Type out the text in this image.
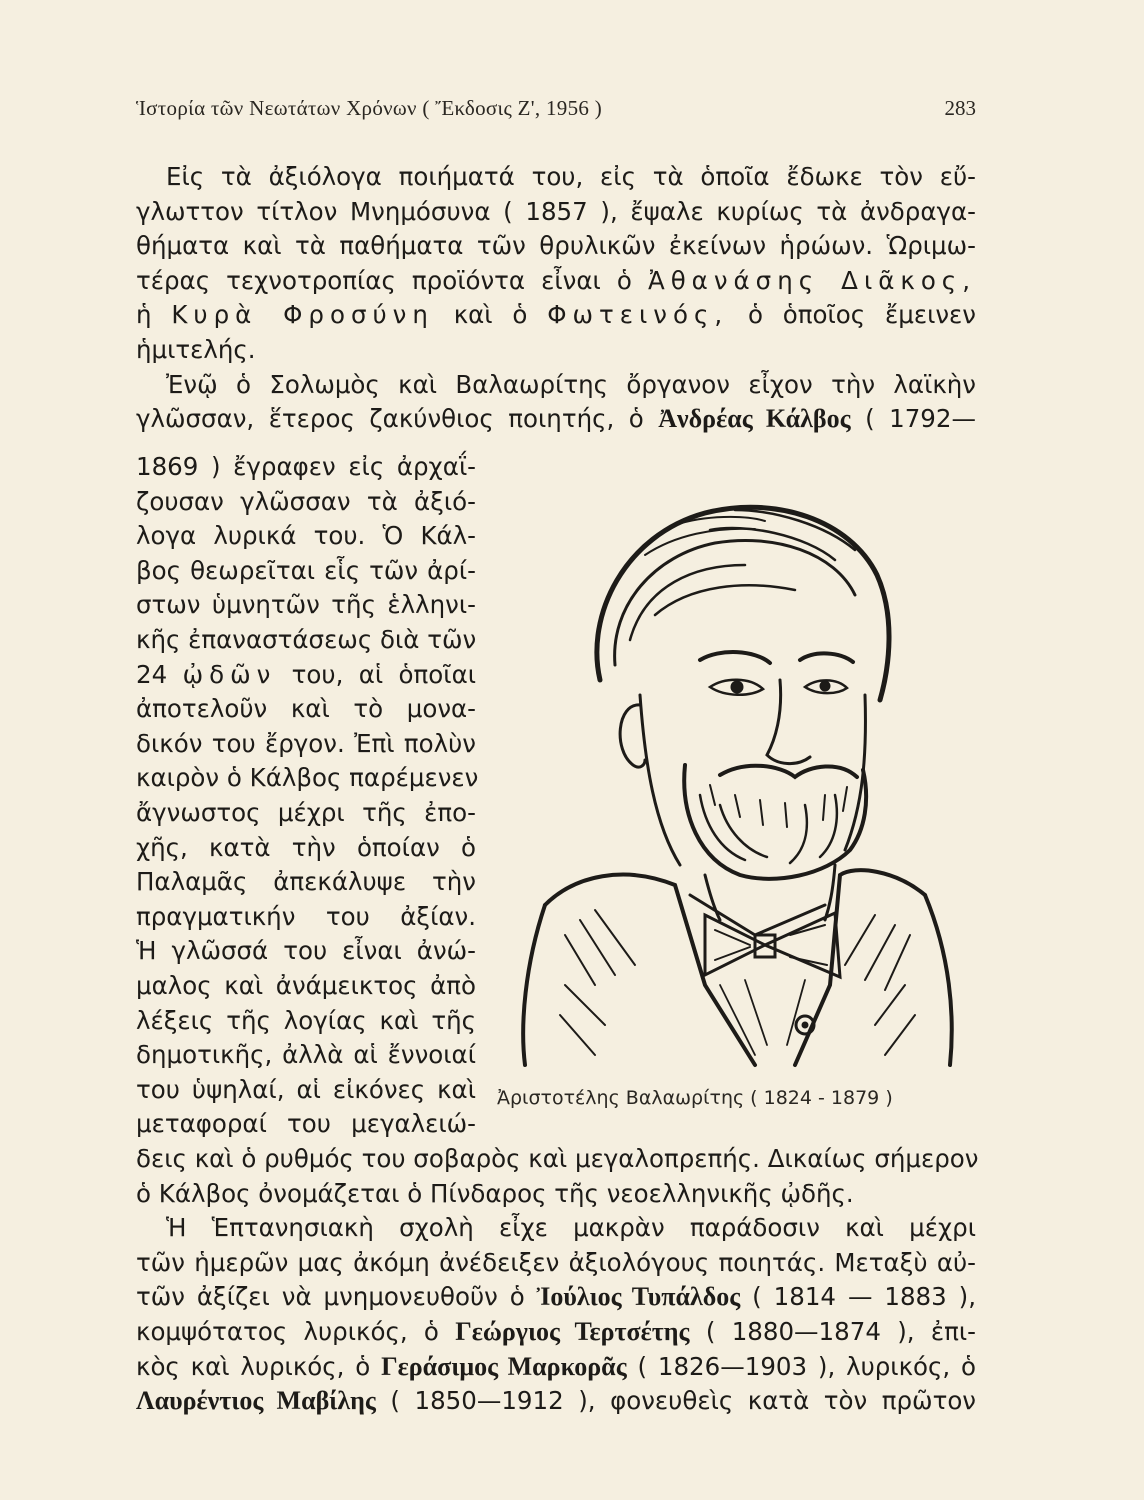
Ἱστορία τῶν Νεωτάτων Χρόνων ( Ἔκδοσις Ζ', 1956 )	283
Εἰς τὰ ἀξιόλογα ποιήματά του, εἰς τὰ ὁποῖα ἔδωκε τὸν εὔ-
γλωττον τίτλον Μνημόσυνα ( 1857 ), ἔψαλε κυρίως τὰ ἀνδραγα-
θήματα καὶ τὰ παθήματα τῶν θρυλικῶν ἐκείνων ἡρώων. Ὡριμω-
τέρας τεχνοτροπίας προϊόντα εἶναι ὁ Ἀθανάσης Διᾶκος,
ἡ Κυρὰ Φροσύνη καὶ ὁ Φωτεινός, ὁ ὁποῖος ἔμεινεν
ἡμιτελής.
Ἐνῷ ὁ Σολωμὸς καὶ Βαλαωρίτης ὄργανον εἶχον τὴν λαϊκὴν
γλῶσσαν, ἕτερος ζακύνθιος ποιητής, ὁ Ἀνδρέας Κάλβος ( 1792—
1869 ) ἔγραφεν εἰς ἀρχαΐ-
ζουσαν γλῶσσαν τὰ ἀξιό-
λογα λυρικά του. Ὁ Κάλ-
βος θεωρεῖται εἷς τῶν ἀρί-
στων ὑμνητῶν τῆς ἑλληνι-
κῆς ἐπαναστάσεως διὰ τῶν
24 ᾠδῶν του, αἱ ὁποῖαι
ἀποτελοῦν καὶ τὸ μονα-
δικόν του ἔργον. Ἐπὶ πολὺν
καιρὸν ὁ Κάλβος παρέμενεν
ἄγνωστος μέχρι τῆς ἐπο-
χῆς, κατὰ τὴν ὁποίαν ὁ
Παλαμᾶς ἀπεκάλυψε τὴν
πραγματικήν του ἀξίαν.
Ἡ γλῶσσά του εἶναι ἀνώ-
μαλος καὶ ἀνάμεικτος ἀπὸ
λέξεις τῆς λογίας καὶ τῆς
δημοτικῆς, ἀλλὰ αἱ ἔννοιαί
του ὑψηλαί, αἱ εἰκόνες καὶ
μεταφοραί του μεγαλειώ-
Ἀριστοτέλης Βαλαωρίτης ( 1824 - 1879 )
δεις καὶ ὁ ρυθμός του σοβαρὸς καὶ μεγαλοπρεπής. Δικαίως σήμερον
ὁ Κάλβος ὀνομάζεται ὁ Πίνδαρος τῆς νεοελληνικῆς ᾠδῆς.
Ἡ Ἑπτανησιακὴ σχολὴ εἶχε μακρὰν παράδοσιν καὶ μέχρι
τῶν ἡμερῶν μας ἀκόμη ἀνέδειξεν ἀξιολόγους ποιητάς. Μεταξὺ αὐ-
τῶν ἀξίζει νὰ μνημονευθοῦν ὁ Ἰούλιος Τυπάλδος ( 1814 — 1883 ),
κομψότατος λυρικός, ὁ Γεώργιος Τερτσέτης ( 1880—1874 ), ἐπι-
κὸς καὶ λυρικός, ὁ Γεράσιμος Μαρκορᾶς ( 1826—1903 ), λυρικός, ὁ
Λαυρέντιος Μαβίλης ( 1850—1912 ), φονευθεὶς κατὰ τὸν πρῶτον
